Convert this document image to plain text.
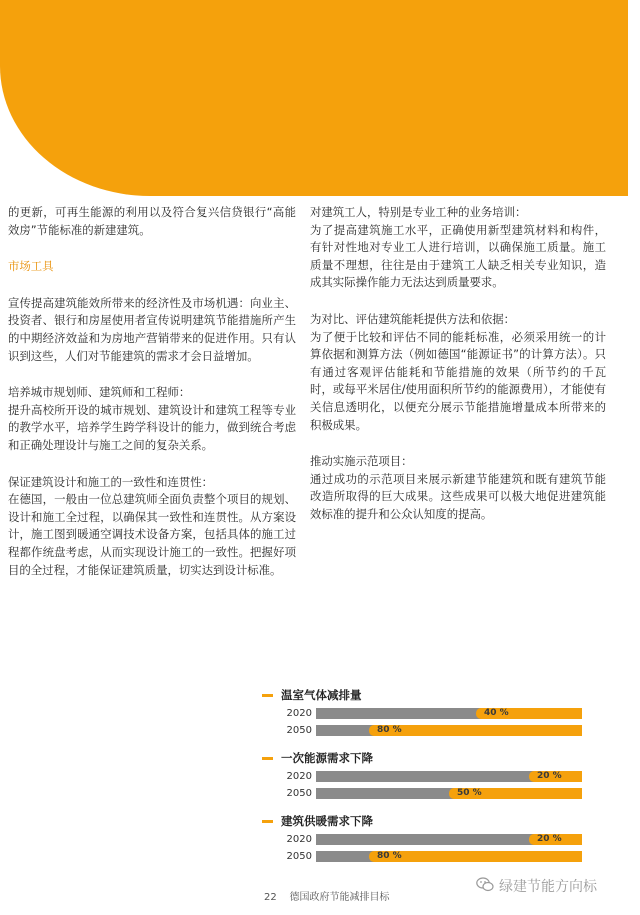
的更新，可再生能源的利用以及符合复兴信贷银行“高能效房”节能标准的新建建筑。
市场工具
宣传提高建筑能效所带来的经济性及市场机遇：向业主、投资者、银行和房屋使用者宣传说明建筑节能措施所产生的中期经济效益和为房地产营销带来的促进作用。只有认识到这些，人们对节能建筑的需求才会日益增加。
培养城市规划师、建筑师和工程师：
提升高校所开设的城市规划、建筑设计和建筑工程等专业的教学水平，培养学生跨学科设计的能力，做到统合考虑和正确处理设计与施工之间的复杂关系。
保证建筑设计和施工的一致性和连贯性：
在德国，一般由一位总建筑师全面负责整个项目的规划、设计和施工全过程，以确保其一致性和连贯性。从方案设计，施工图到暖通空调技术设备方案，包括具体的施工过程都作统盘考虑，从而实现设计施工的一致性。把握好项目的全过程，才能保证建筑质量，切实达到设计标准。
对建筑工人，特别是专业工种的业务培训：
为了提高建筑施工水平，正确使用新型建筑材料和构件，有针对性地对专业工人进行培训，以确保施工质量。施工质量不理想，往往是由于建筑工人缺乏相关专业知识，造成其实际操作能力无法达到质量要求。
为对比、评估建筑能耗提供方法和依据：
为了便于比较和评估不同的能耗标准，必须采用统一的计算依据和测算方法（例如德国“能源证书”的计算方法）。只有通过客观评估能耗和节能措施的效果（所节约的千瓦时，或每平米居住/使用面积所节约的能源费用），才能使有关信息透明化，以便充分展示节能措施增量成本所带来的积极成果。
推动实施示范项目：
通过成功的示范项目来展示新建节能建筑和既有建筑节能改造所取得的巨大成果。这些成果可以极大地促进建筑能效标准的提升和公众认知度的提高。
温室气体减排量
2020	40 %
2050	80 %
一次能源需求下降
2020	20 %
2050	50 %
建筑供暖需求下降
2020	20 %
2050	80 %
22 德国政府节能减排目标
绿建节能方向标
